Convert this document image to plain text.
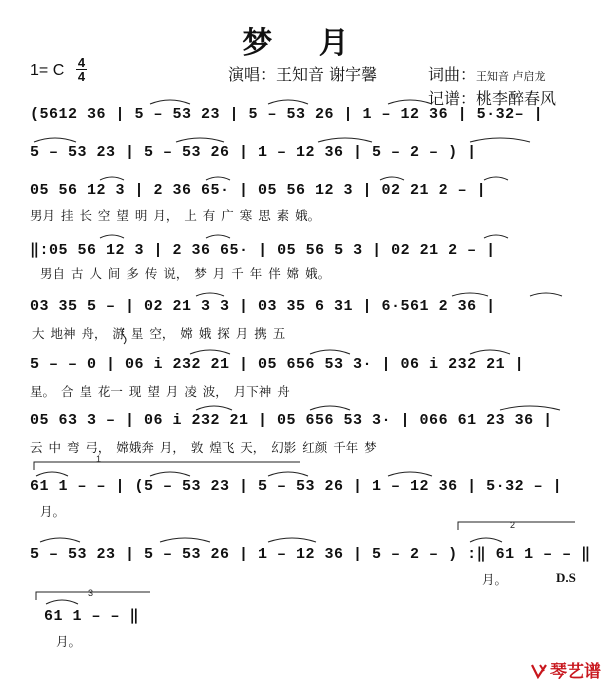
梦 月
1= C 4
4	演唱：王知音 谢宇馨	词曲：王知音 卢启龙
记谱：桃李醉春风
(5612 36 | 5 – 53 23 | 5 – 53 26 | 1 – 12 36 | 5·32– |
5 – 53 23 | 5 – 53 26 | 1 – 12 36 | 5 – 2 – ) |
05 56 12 3 | 2 36 65· | 05 56 12 3 | 02 21 2 – |
男月 挂 长 空 望 明 月， 上 有 广 寒 思 素 娥。
‖:05 56 12 3 | 2 36 65· | 05 56 5 3 | 02 21 2 – |
男自 古 人 间 多 传 说， 梦 月 千 年 伴 嫦 娥。
03 35 5 – | 02 21 3 3 | 03 35 6 31 | 6·561 2 36 |
大 地神 舟， 游 星 空， 嫦 娥 探 月 携 五
5 – – 0 | 06 i 232 21 | 05 656 53 3· | 06 i 232 21 |
星。 合 皇 花一 现 望 月 凌 波， 月下神 舟
05 63 3 – | 06 i 232 21 | 05 656 53 3· | 066 61 23 36 |
云 中 弯 弓， 嫦娥奔 月， 敦 煌飞 天， 幻影 红颜 千年 梦
61 1 – – | (5 – 53 23 | 5 – 53 26 | 1 – 12 36 | 5·32 – |
月。
5 – 53 23 | 5 – 53 26 | 1 – 12 36 | 5 – 2 – ) :‖ 61 1 – – ‖
月。	D.S
61 1 – – ‖
月。
1
2
3
琴艺谱
